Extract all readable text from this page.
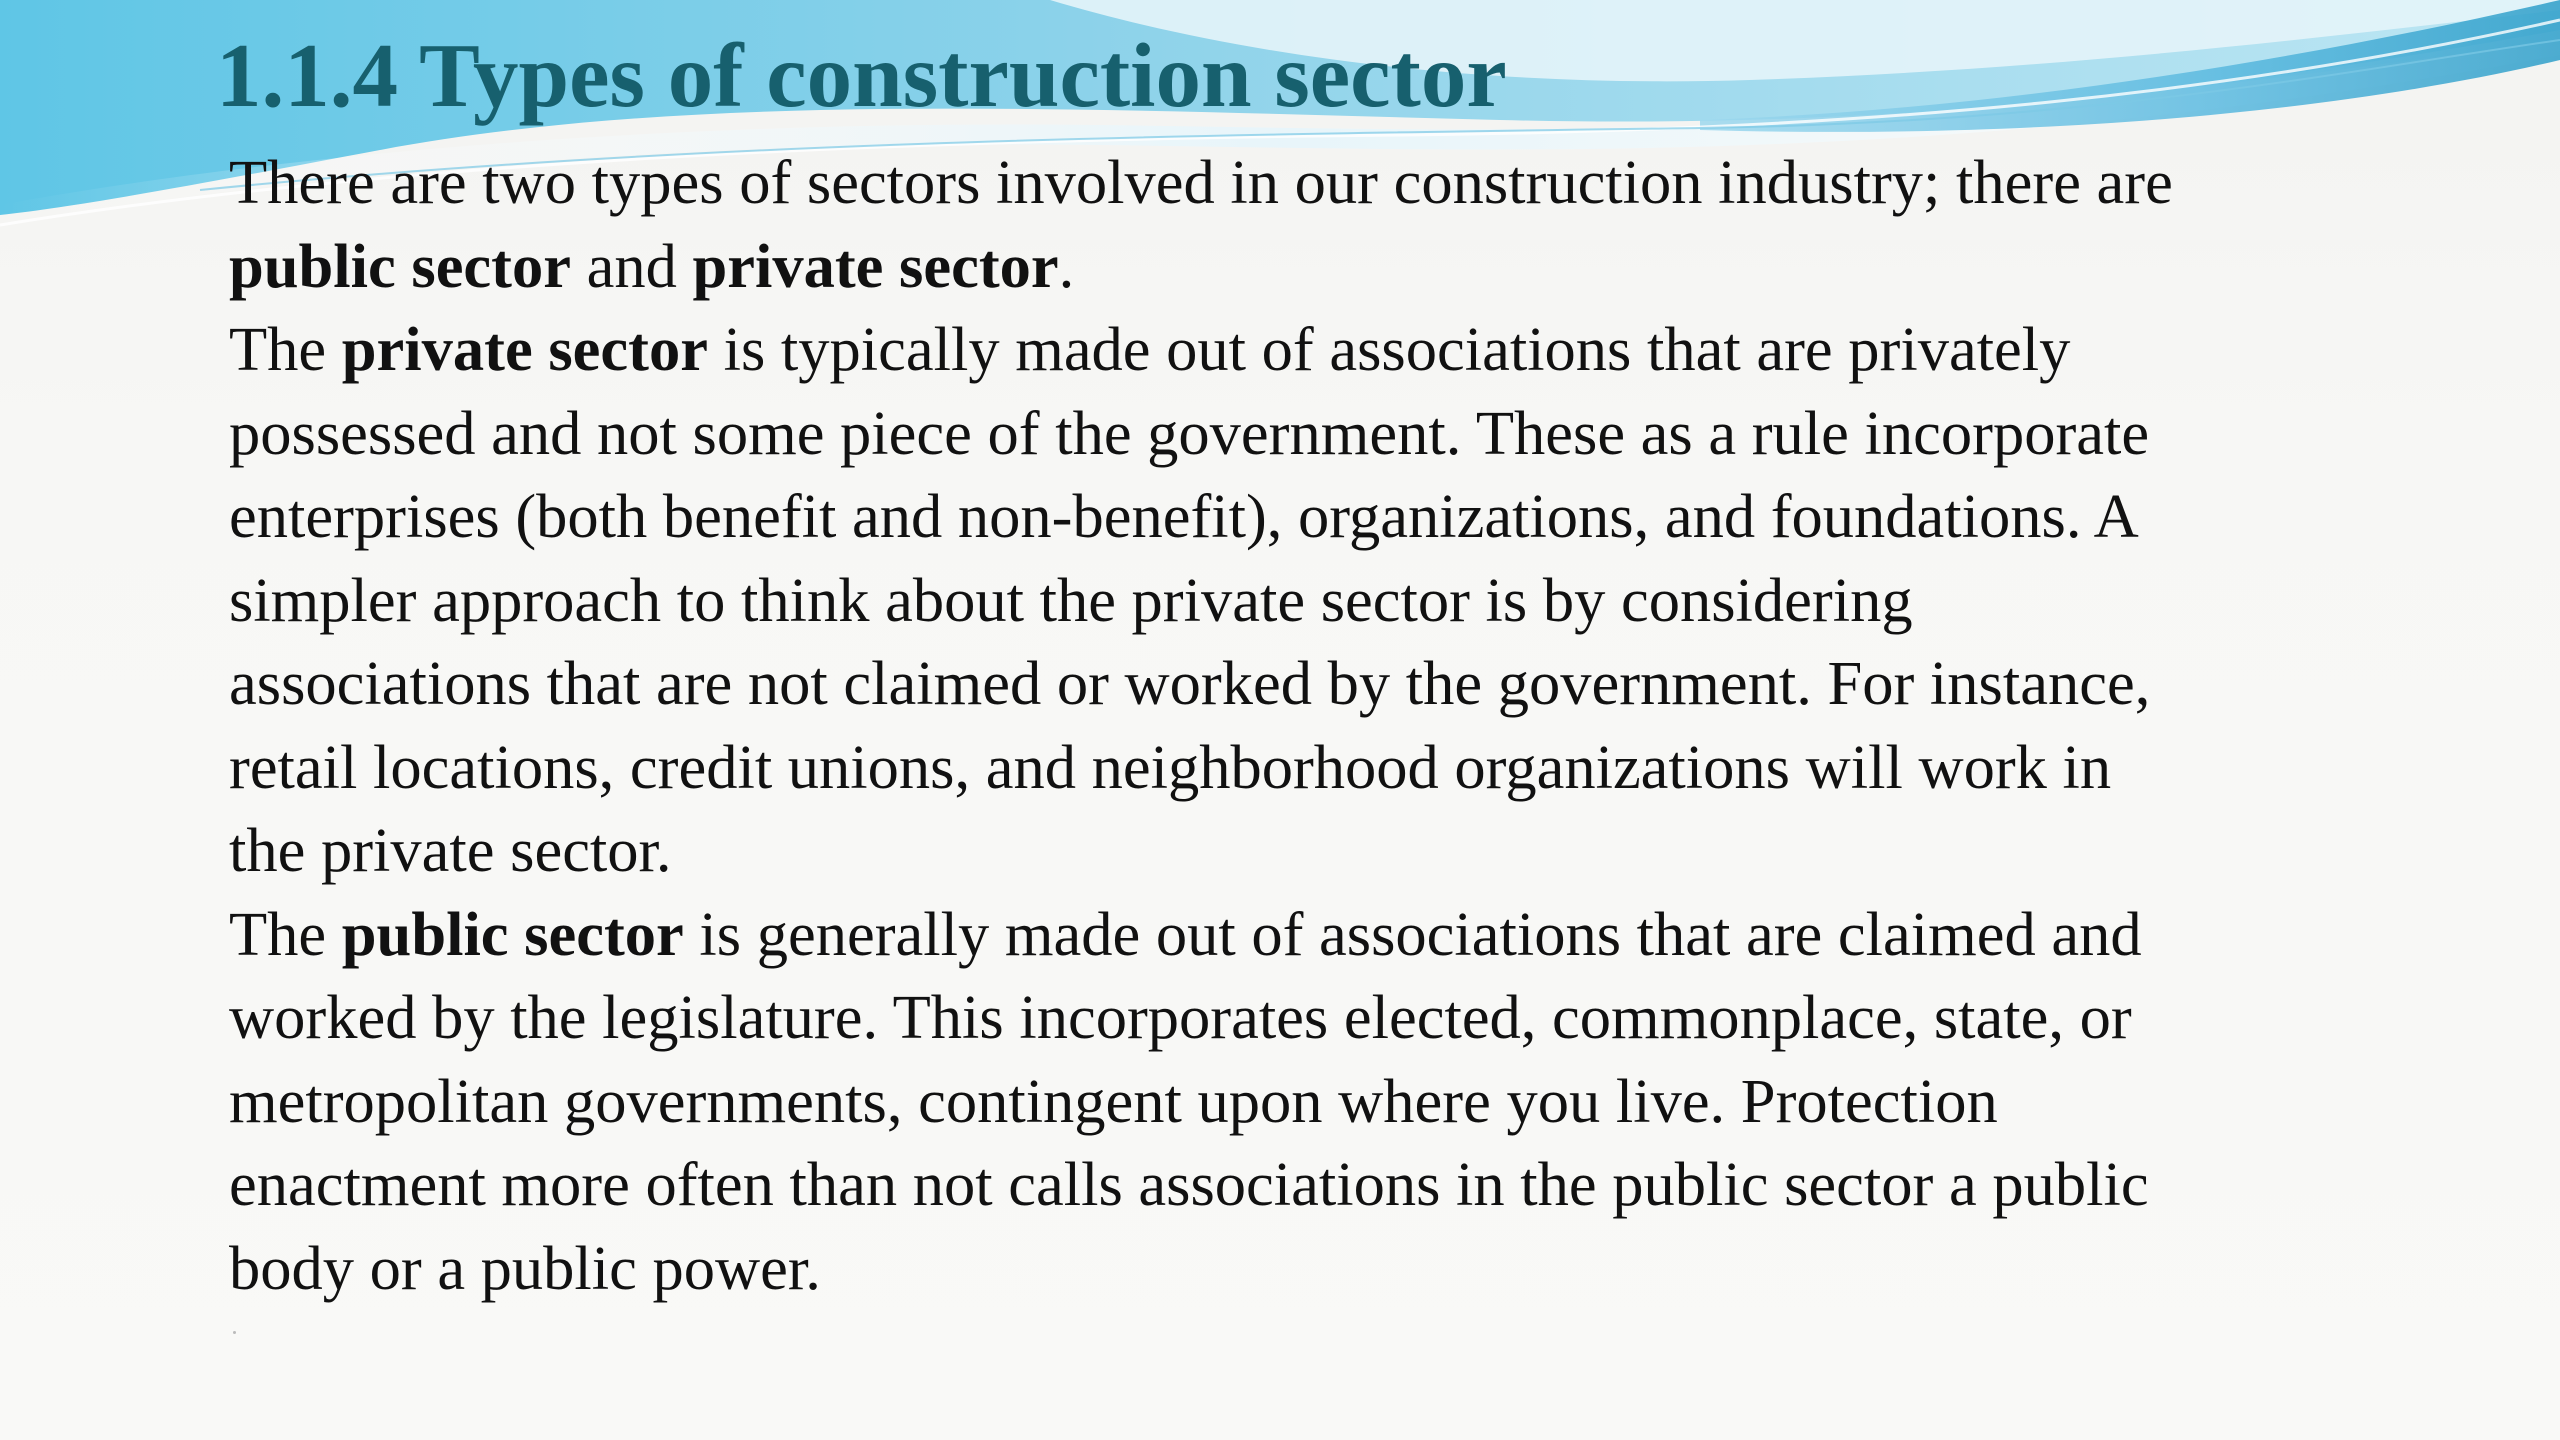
1.1.4 Types of construction sector

There are two types of sectors involved in our construction industry; there are
public sector and private sector.

The private sector is typically made out of associations that are privately
possessed and not some piece of the government. These as a rule incorporate
enterprises (both benefit and non-benefit), organizations, and foundations. A
simpler approach to think about the private sector is by considering
associations that are not claimed or worked by the government. For instance,
retail locations, credit unions, and neighborhood organizations will work in
the private sector.

The public sector is generally made out of associations that are claimed and
worked by the legislature. This incorporates elected, commonplace, state, or
metropolitan governments, contingent upon where you live. Protection
enactment more often than not calls associations in the public sector a public
body or a public power.
